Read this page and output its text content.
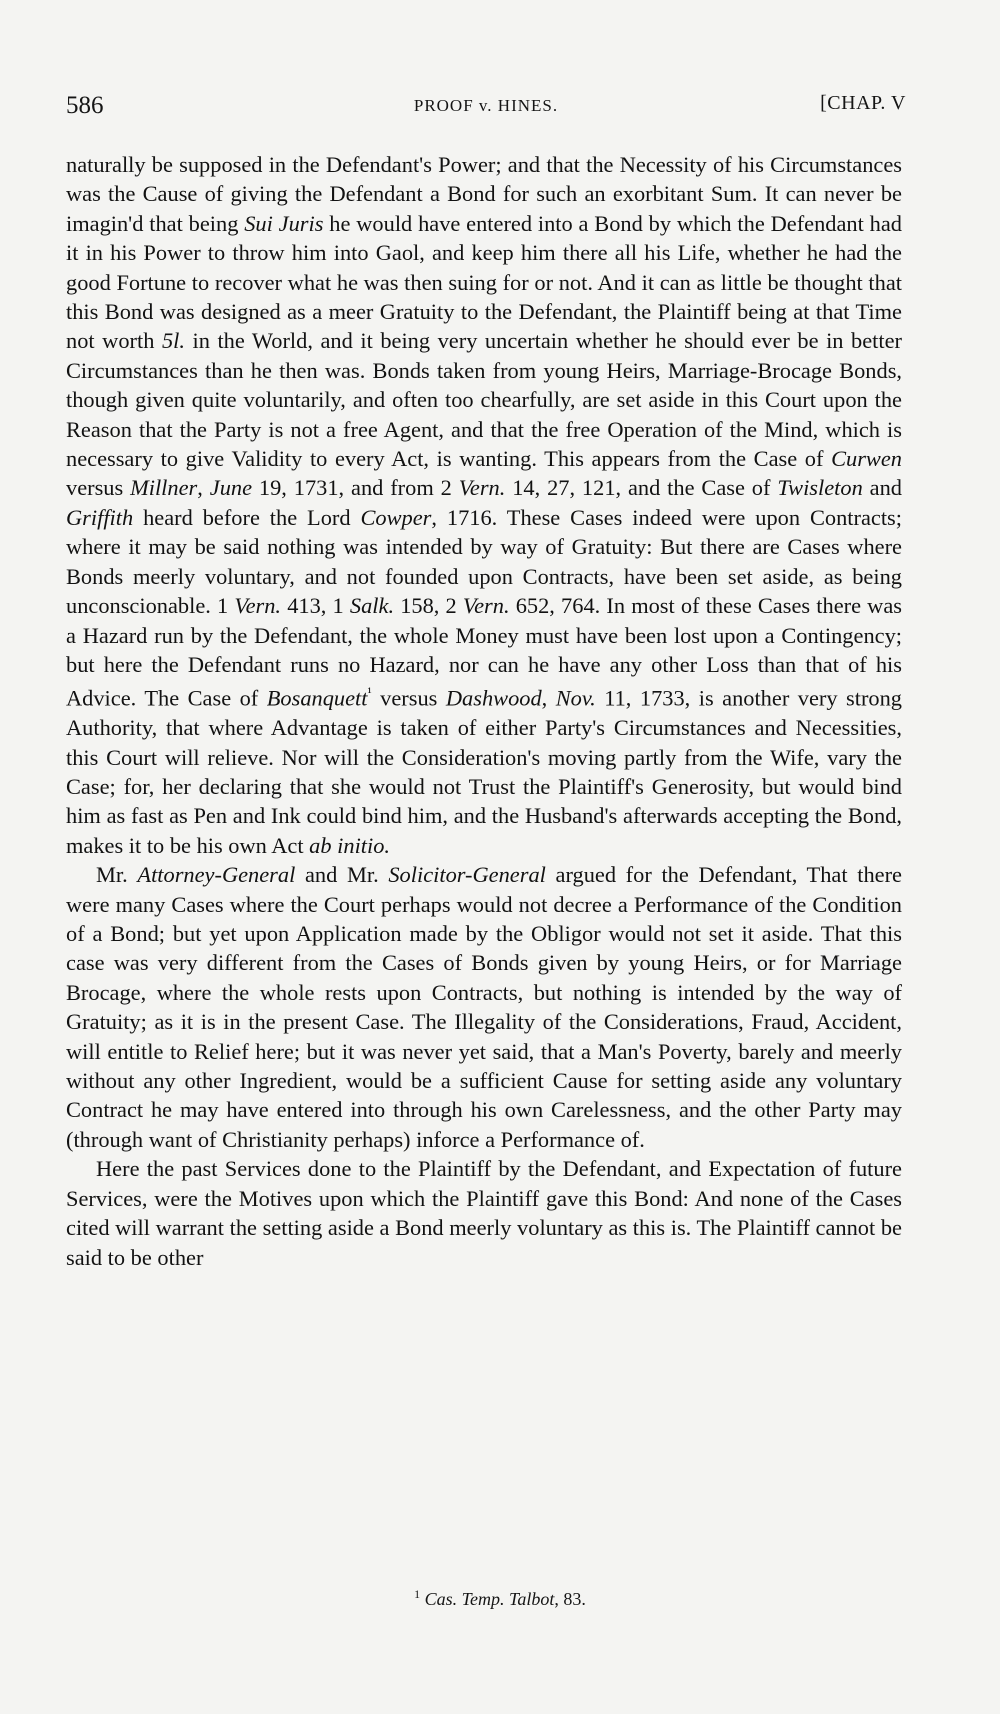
586	PROOF v. HINES.	[CHAP. V

naturally be supposed in the Defendant's Power; and that the Necessity of his Circumstances was the Cause of giving the Defendant a Bond for such an exorbitant Sum. It can never be imagin'd that being Sui Juris he would have entered into a Bond by which the Defendant had it in his Power to throw him into Gaol, and keep him there all his Life, whether he had the good Fortune to recover what he was then suing for or not. And it can as little be thought that this Bond was designed as a meer Gratuity to the Defendant, the Plaintiff being at that Time not worth 5l. in the World, and it being very uncertain whether he should ever be in better Circumstances than he then was. Bonds taken from young Heirs, Marriage-Brocage Bonds, though given quite voluntarily, and often too chearfully, are set aside in this Court upon the Reason that the Party is not a free Agent, and that the free Operation of the Mind, which is necessary to give Validity to every Act, is wanting. This appears from the Case of Curwen versus Millner, June 19, 1731, and from 2 Vern. 14, 27, 121, and the Case of Twisleton and Griffith heard before the Lord Cowper, 1716. These Cases indeed were upon Contracts; where it may be said nothing was intended by way of Gratuity: But there are Cases where Bonds meerly voluntary, and not founded upon Contracts, have been set aside, as being unconscionable. 1 Vern. 413, 1 Salk. 158, 2 Vern. 652, 764. In most of these Cases there was a Hazard run by the Defendant, the whole Money must have been lost upon a Contingency; but here the Defendant runs no Hazard, nor can he have any other Loss than that of his Advice. The Case of Bosanquett$^{^1}$ versus Dashwood, Nov. 11, 1733, is another very strong Authority, that where Advantage is taken of either Party's Circumstances and Necessities, this Court will relieve. Nor will the Consideration's moving partly from the Wife, vary the Case; for, her declaring that she would not Trust the Plaintiff's Generosity, but would bind him as fast as Pen and Ink could bind him, and the Husband's afterwards accepting the Bond, makes it to be his own Act ab initio.

Mr. Attorney-General and Mr. Solicitor-General argued for the Defendant, That there were many Cases where the Court perhaps would not decree a Performance of the Condition of a Bond; but yet upon Application made by the Obligor would not set it aside. That this case was very different from the Cases of Bonds given by young Heirs, or for Marriage Brocage, where the whole rests upon Contracts, but nothing is intended by the way of Gratuity; as it is in the present Case. The Illegality of the Considerations, Fraud, Accident, will entitle to Relief here; but it was never yet said, that a Man's Poverty, barely and meerly without any other Ingredient, would be a sufficient Cause for setting aside any voluntary Contract he may have entered into through his own Carelessness, and the other Party may (through want of Christianity perhaps) inforce a Performance of.

Here the past Services done to the Plaintiff by the Defendant, and Expectation of future Services, were the Motives upon which the Plaintiff gave this Bond: And none of the Cases cited will warrant the setting aside a Bond meerly voluntary as this is. The Plaintiff cannot be said to be other

$^1$ Cas. Temp. Talbot, 83.
